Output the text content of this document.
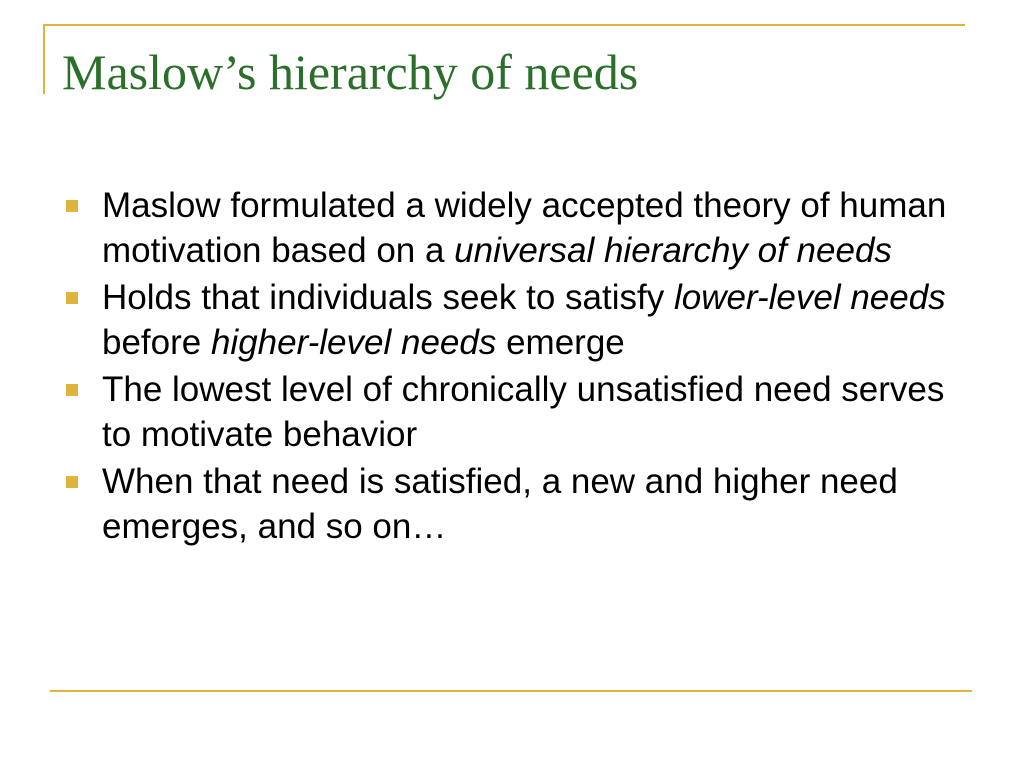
Maslow’s hierarchy of needs
Maslow formulated a widely accepted theory of human motivation based on a universal hierarchy of needs
Holds that individuals seek to satisfy lower-level needs before higher-level needs emerge
The lowest level of chronically unsatisfied need serves to motivate behavior
When that need is satisfied, a new and higher need emerges, and so on…
